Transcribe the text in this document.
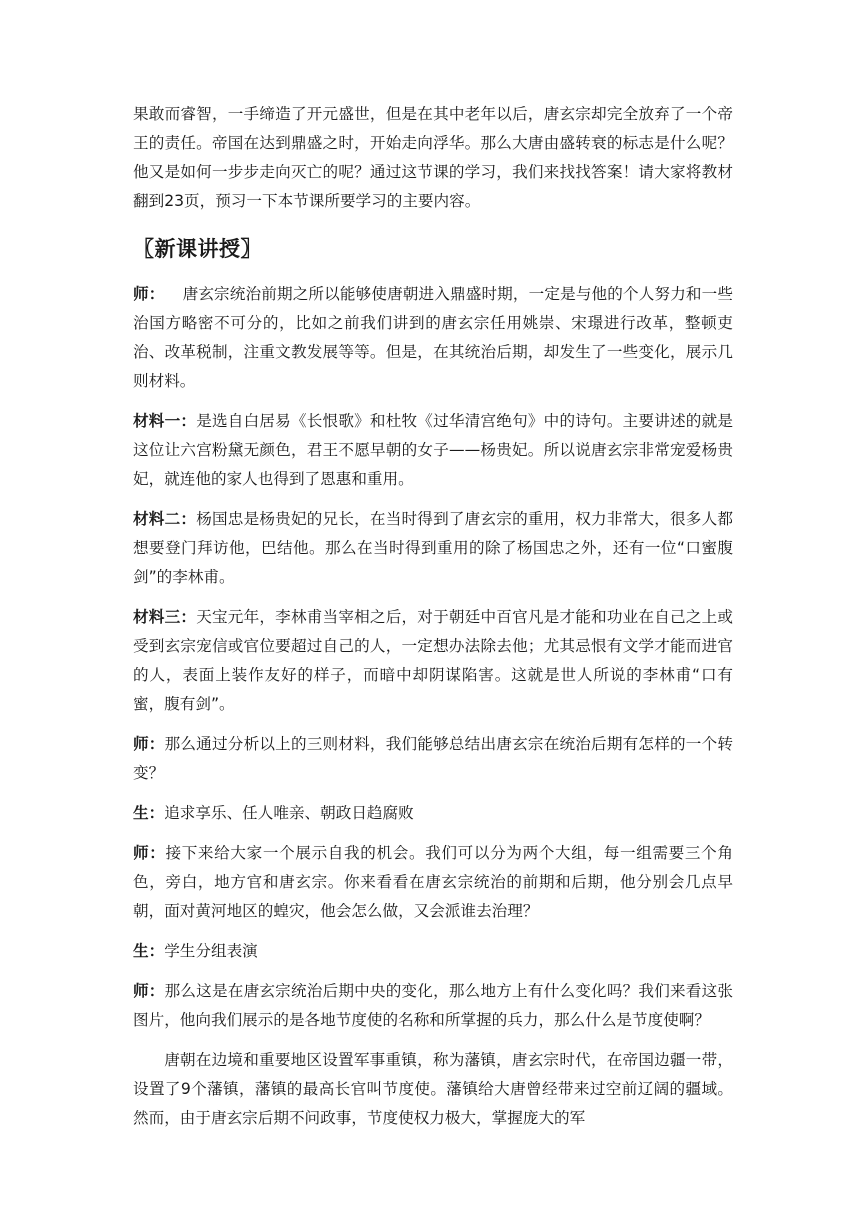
果敢而睿智，一手缔造了开元盛世，但是在其中老年以后，唐玄宗却完全放弃了一个帝王的责任。帝国在达到鼎盛之时，开始走向浮华。那么大唐由盛转衰的标志是什么呢？他又是如何一步步走向灭亡的呢？通过这节课的学习，我们来找找答案！请大家将教材翻到23页，预习一下本节课所要学习的主要内容。

〖新课讲授〗

师： 唐玄宗统治前期之所以能够使唐朝进入鼎盛时期，一定是与他的个人努力和一些治国方略密不可分的，比如之前我们讲到的唐玄宗任用姚崇、宋璟进行改革，整顿吏治、改革税制，注重文教发展等等。但是，在其统治后期，却发生了一些变化，展示几则材料。

材料一：是选自白居易《长恨歌》和杜牧《过华清宫绝句》中的诗句。主要讲述的就是这位让六宫粉黛无颜色，君王不愿早朝的女子——杨贵妃。所以说唐玄宗非常宠爱杨贵妃，就连他的家人也得到了恩惠和重用。

材料二：杨国忠是杨贵妃的兄长，在当时得到了唐玄宗的重用，权力非常大，很多人都想要登门拜访他，巴结他。那么在当时得到重用的除了杨国忠之外，还有一位“口蜜腹剑”的李林甫。

材料三：天宝元年，李林甫当宰相之后，对于朝廷中百官凡是才能和功业在自己之上或受到玄宗宠信或官位要超过自己的人，一定想办法除去他；尤其忌恨有文学才能而进官的人，表面上装作友好的样子，而暗中却阴谋陷害。这就是世人所说的李林甫“口有蜜，腹有剑”。

师：那么通过分析以上的三则材料，我们能够总结出唐玄宗在统治后期有怎样的一个转变？

生：追求享乐、任人唯亲、朝政日趋腐败

师：接下来给大家一个展示自我的机会。我们可以分为两个大组，每一组需要三个角色，旁白，地方官和唐玄宗。你来看看在唐玄宗统治的前期和后期，他分别会几点早朝，面对黄河地区的蝗灾，他会怎么做，又会派谁去治理？

生：学生分组表演

师：那么这是在唐玄宗统治后期中央的变化，那么地方上有什么变化吗？我们来看这张图片，他向我们展示的是各地节度使的名称和所掌握的兵力，那么什么是节度使啊？

唐朝在边境和重要地区设置军事重镇，称为藩镇，唐玄宗时代，在帝国边疆一带，设置了9个藩镇，藩镇的最高长官叫节度使。藩镇给大唐曾经带来过空前辽阔的疆域。然而，由于唐玄宗后期不问政事，节度使权力极大，掌握庞大的军
